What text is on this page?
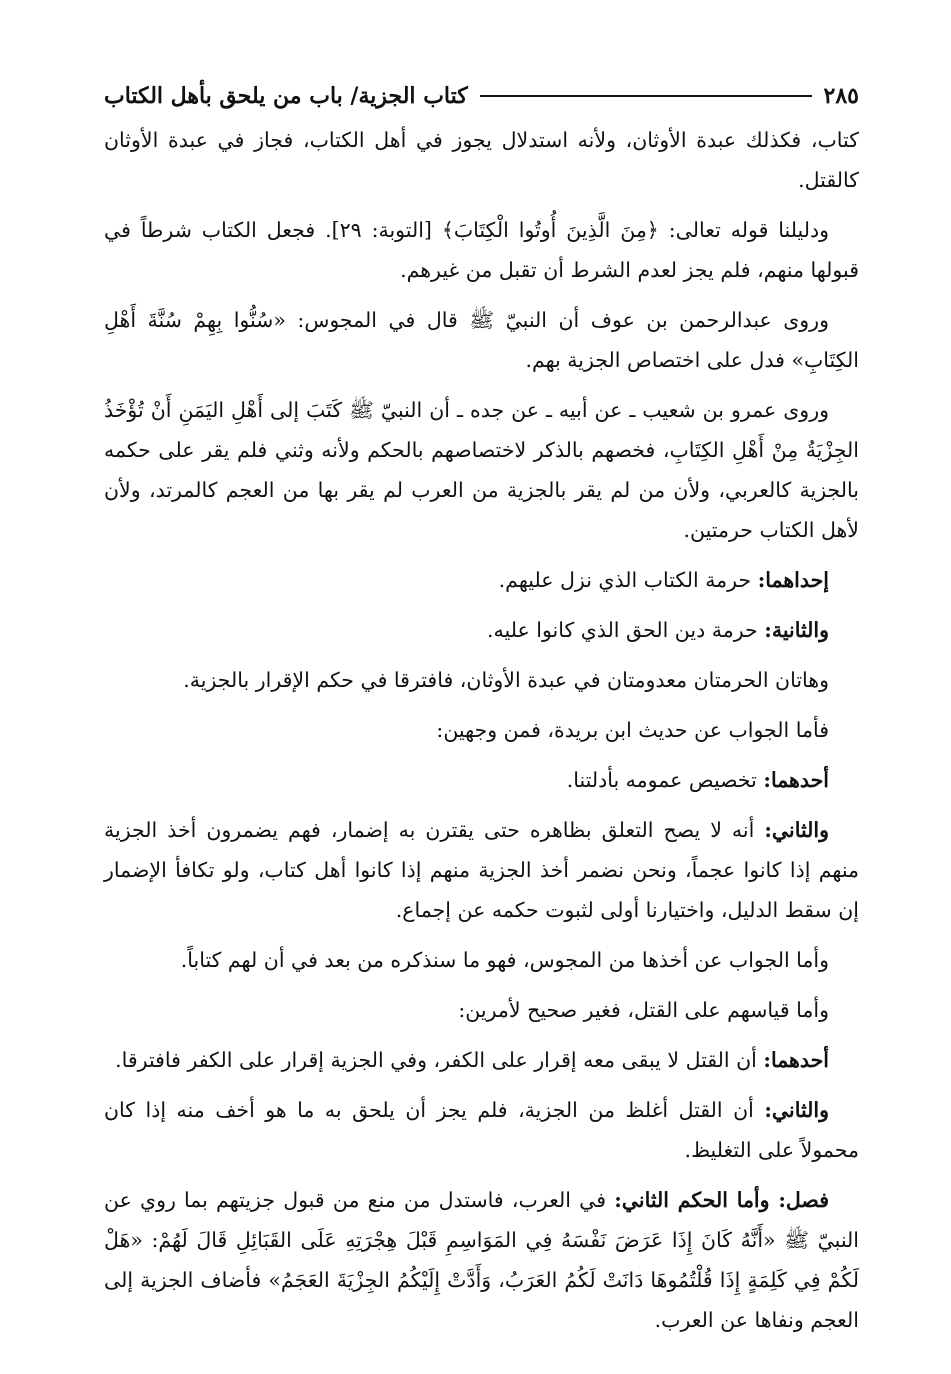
كتاب الجزية/ باب من يلحق بأهل الكتاب	٢٨٥

كتاب، فكذلك عبدة الأوثان، ولأنه استدلال يجوز في أهل الكتاب، فجاز في عبدة الأوثان كالقتل.

ودليلنا قوله تعالى: ﴿مِنَ الَّذِينَ أُوتُوا الْكِتَابَ﴾ [التوبة: ٢٩]. فجعل الكتاب شرطاً في قبولها منهم، فلم يجز لعدم الشرط أن تقبل من غيرهم.

وروى عبدالرحمن بن عوف أن النبيّ ﷺ قال في المجوس: «سُنُّوا بِهِمْ سُنَّةَ أَهْلِ الكِتَابِ» فدل على اختصاص الجزية بهم.

وروى عمرو بن شعيب ـ عن أبيه ـ عن جده ـ أن النبيّ ﷺ كَتَبَ إلى أَهْلِ اليَمَنِ أَنْ تُؤْخَذُ الجِزْيَةُ مِنْ أَهْلِ الكِتَابِ، فخصهم بالذكر لاختصاصهم بالحكم ولأنه وثني فلم يقر على حكمه بالجزية كالعربي، ولأن من لم يقر بالجزية من العرب لم يقر بها من العجم كالمرتد، ولأن لأهل الكتاب حرمتين.

إحداهما: حرمة الكتاب الذي نزل عليهم.

والثانية: حرمة دين الحق الذي كانوا عليه.

وهاتان الحرمتان معدومتان في عبدة الأوثان، فافترقا في حكم الإقرار بالجزية.

فأما الجواب عن حديث ابن بريدة، فمن وجهين:

أحدهما: تخصيص عمومه بأدلتنا.

والثاني: أنه لا يصح التعلق بظاهره حتى يقترن به إضمار، فهم يضمرون أخذ الجزية منهم إذا كانوا عجماً، ونحن نضمر أخذ الجزية منهم إذا كانوا أهل كتاب، ولو تكافأ الإضمار إن سقط الدليل، واختيارنا أولى لثبوت حكمه عن إجماع.

وأما الجواب عن أخذها من المجوس، فهو ما سنذكره من بعد في أن لهم كتاباً.

وأما قياسهم على القتل، فغير صحيح لأمرين:

أحدهما: أن القتل لا يبقى معه إقرار على الكفر، وفي الجزية إقرار على الكفر فافترقا.

والثاني: أن القتل أغلظ من الجزية، فلم يجز أن يلحق به ما هو أخف منه إذا كان محمولاً على التغليظ.

فصل: وأما الحكم الثاني: في العرب، فاستدل من منع من قبول جزيتهم بما روي عن النبيّ ﷺ «أَنَّهُ كَانَ إِذَا عَرَضَ نَفْسَهُ فِي المَوَاسِمِ قَبْلَ هِجْرَتِهِ عَلَى القَبَائِلِ قَالَ لَهُمْ: «هَلْ لَكُمْ فِي كَلِمَةٍ إِذَا قُلْتُمُوهَا دَانَتْ لَكُمُ العَرَبُ، وَأَدَّتْ إِلَيْكُمُ الجِزْيَةَ العَجَمُ» فأضاف الجزية إلى العجم ونفاها عن العرب.
